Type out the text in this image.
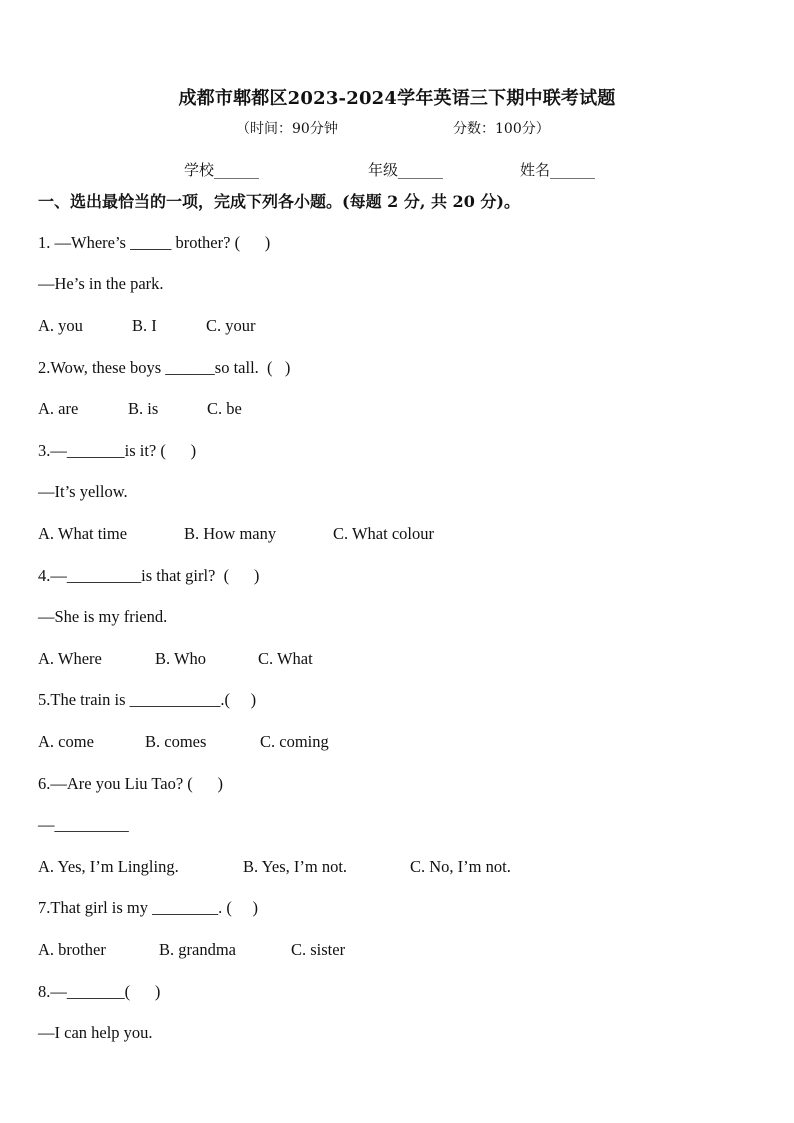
成都市郫都区2023-2024学年英语三下期中联考试题
（时间：90分钟	分数：100分）
学校______	年级______	姓名______
一、选出最恰当的一项，完成下列各小题。(每题 2 分, 共 20 分)。
1. —Where’s _____ brother? (      )
—He’s in the park.
A. you	B. I	C. your
2.Wow, these boys ______so tall.  (   )
A. are	B. is	C. be
3.—_______is it? (      )
—It’s yellow.
A. What time	B. How many	C. What colour
4.—_________is that girl?  (      )
—She is my friend.
A. Where	B. Who	C. What
5.The train is ___________.(     )
A. come	B. comes	C. coming
6.—Are you Liu Tao? (      )
—_________
A. Yes, I’m Lingling.	B. Yes, I’m not.	C. No, I’m not.
7.That girl is my ________. (     )
A. brother	B. grandma	C. sister
8.—_______(      )
—I can help you.
